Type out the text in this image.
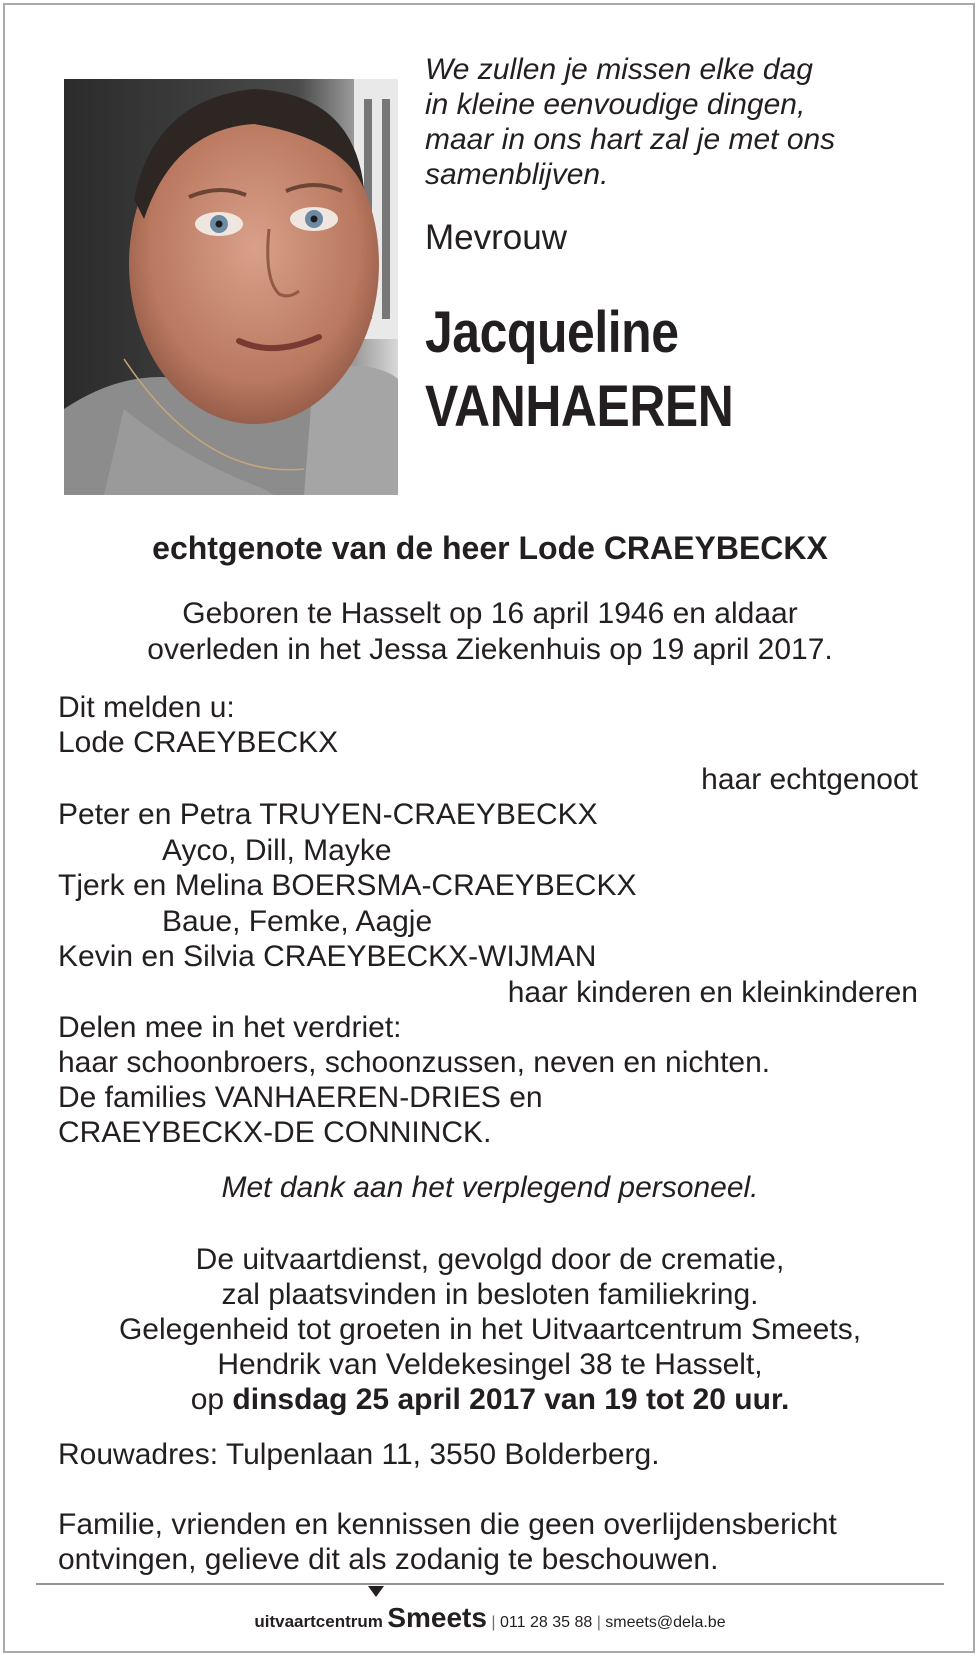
We zullen je missen elke dag
in kleine eenvoudige dingen,
maar in ons hart zal je met ons
samenblijven.
Mevrouw
Jacqueline
VANHAEREN
echtgenote van de heer Lode CRAEYBECKX
Geboren te Hasselt op 16 april 1946 en aldaar
overleden in het Jessa Ziekenhuis op 19 april 2017.
Dit melden u:
Lode CRAEYBECKX
haar echtgenoot
Peter en Petra TRUYEN-CRAEYBECKX
Ayco, Dill, Mayke
Tjerk en Melina BOERSMA-CRAEYBECKX
Baue, Femke, Aagje
Kevin en Silvia CRAEYBECKX-WIJMAN
haar kinderen en kleinkinderen
Delen mee in het verdriet:
haar schoonbroers, schoonzussen, neven en nichten.
De families VANHAEREN-DRIES en
CRAEYBECKX-DE CONNINCK.
Met dank aan het verplegend personeel.
De uitvaartdienst, gevolgd door de crematie,
zal plaatsvinden in besloten familiekring.
Gelegenheid tot groeten in het Uitvaartcentrum Smeets,
Hendrik van Veldekesingel 38 te Hasselt,
op dinsdag 25 april 2017 van 19 tot 20 uur.
Rouwadres: Tulpenlaan 11, 3550 Bolderberg.
Familie, vrienden en kennissen die geen overlijdensbericht
ontvingen, gelieve dit als zodanig te beschouwen.
uitvaartcentrum Smeets | 011 28 35 88 | smeets@dela.be
